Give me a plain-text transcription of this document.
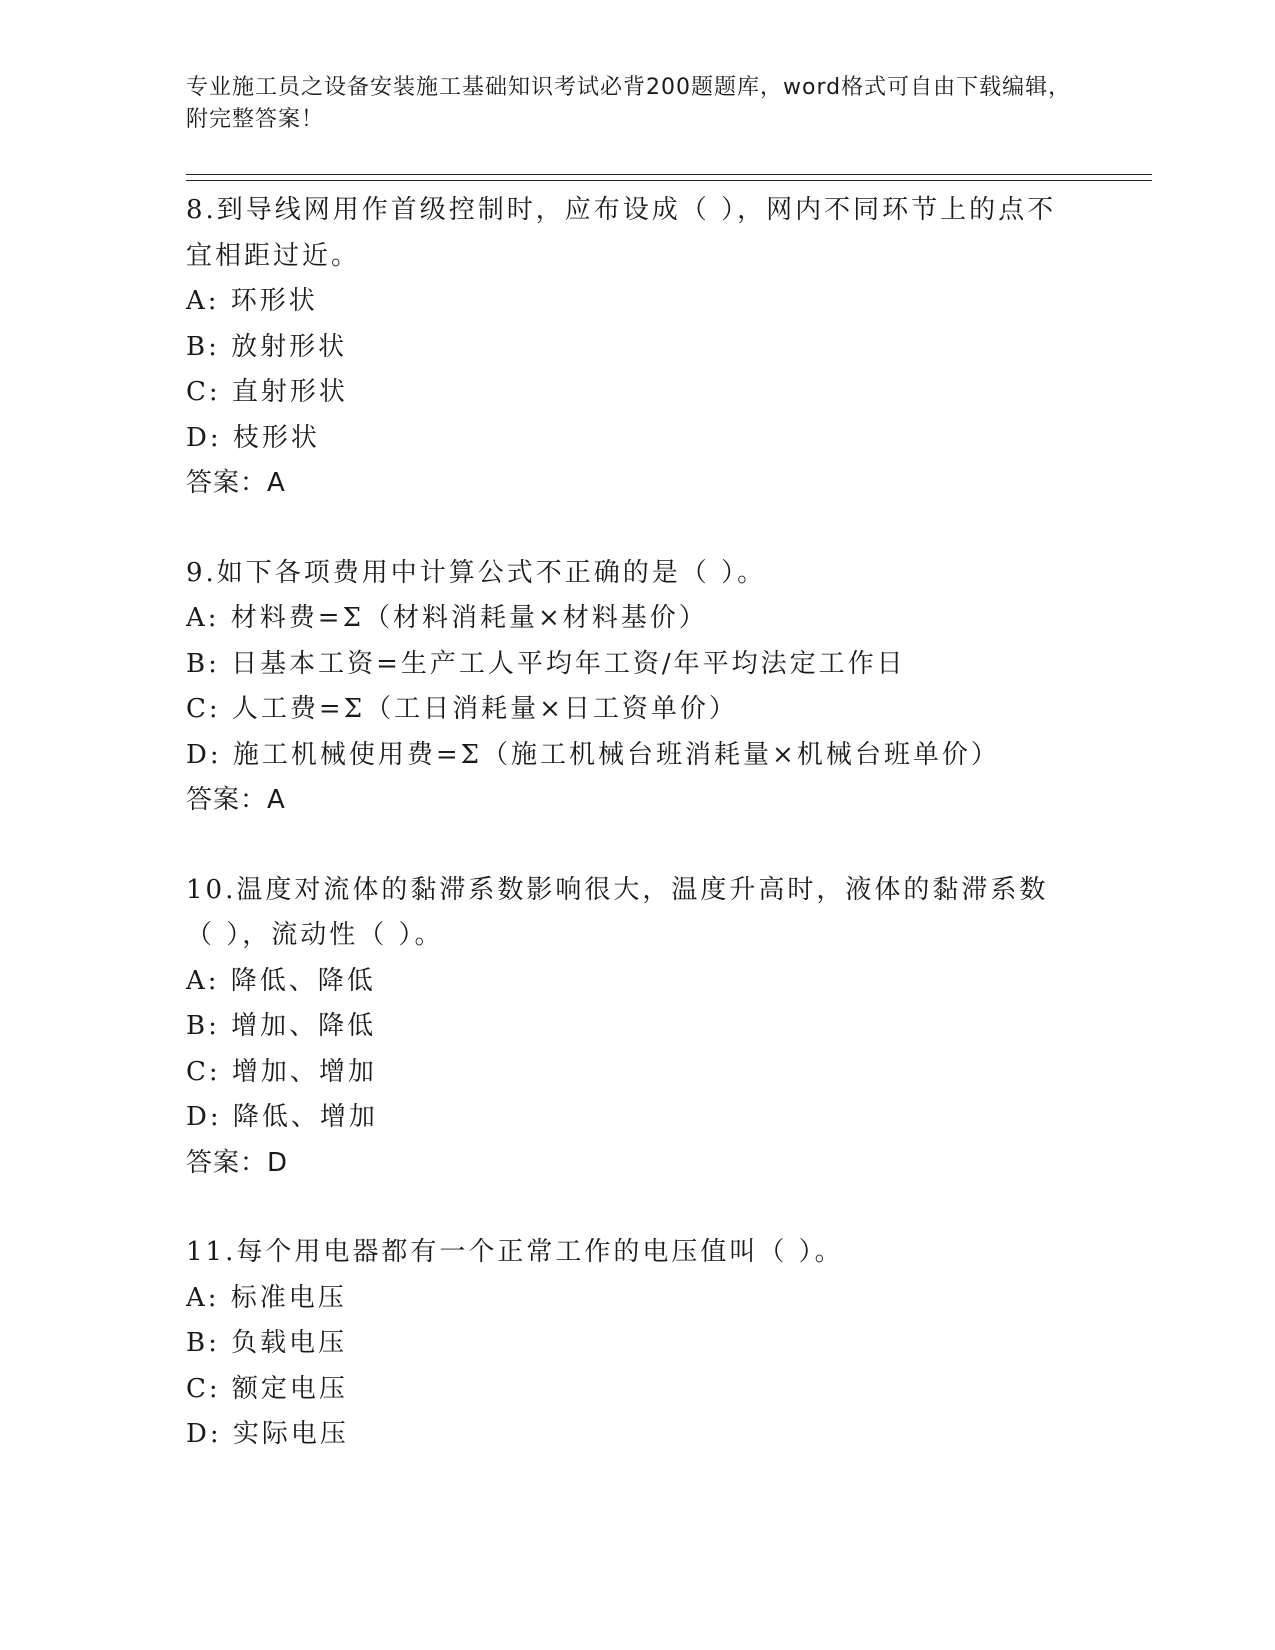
专业施工员之设备安装施工基础知识考试必背200题题库，word格式可自由下载编辑，附完整答案！
8.到导线网用作首级控制时，应布设成（ ），网内不同环节上的点不宜相距过近。
A: 环形状
B: 放射形状
C: 直射形状
D: 枝形状
答案：A
9.如下各项费用中计算公式不正确的是（ ）。
A: 材料费=Σ（材料消耗量×材料基价）
B: 日基本工资=生产工人平均年工资/年平均法定工作日
C: 人工费=Σ（工日消耗量×日工资单价）
D: 施工机械使用费=Σ（施工机械台班消耗量×机械台班单价）
答案：A
10.温度对流体的黏滞系数影响很大，温度升高时，液体的黏滞系数（ ），流动性（ ）。
A: 降低、降低
B: 增加、降低
C: 增加、增加
D: 降低、增加
答案：D
11.每个用电器都有一个正常工作的电压值叫（ ）。
A: 标准电压
B: 负载电压
C: 额定电压
D: 实际电压
